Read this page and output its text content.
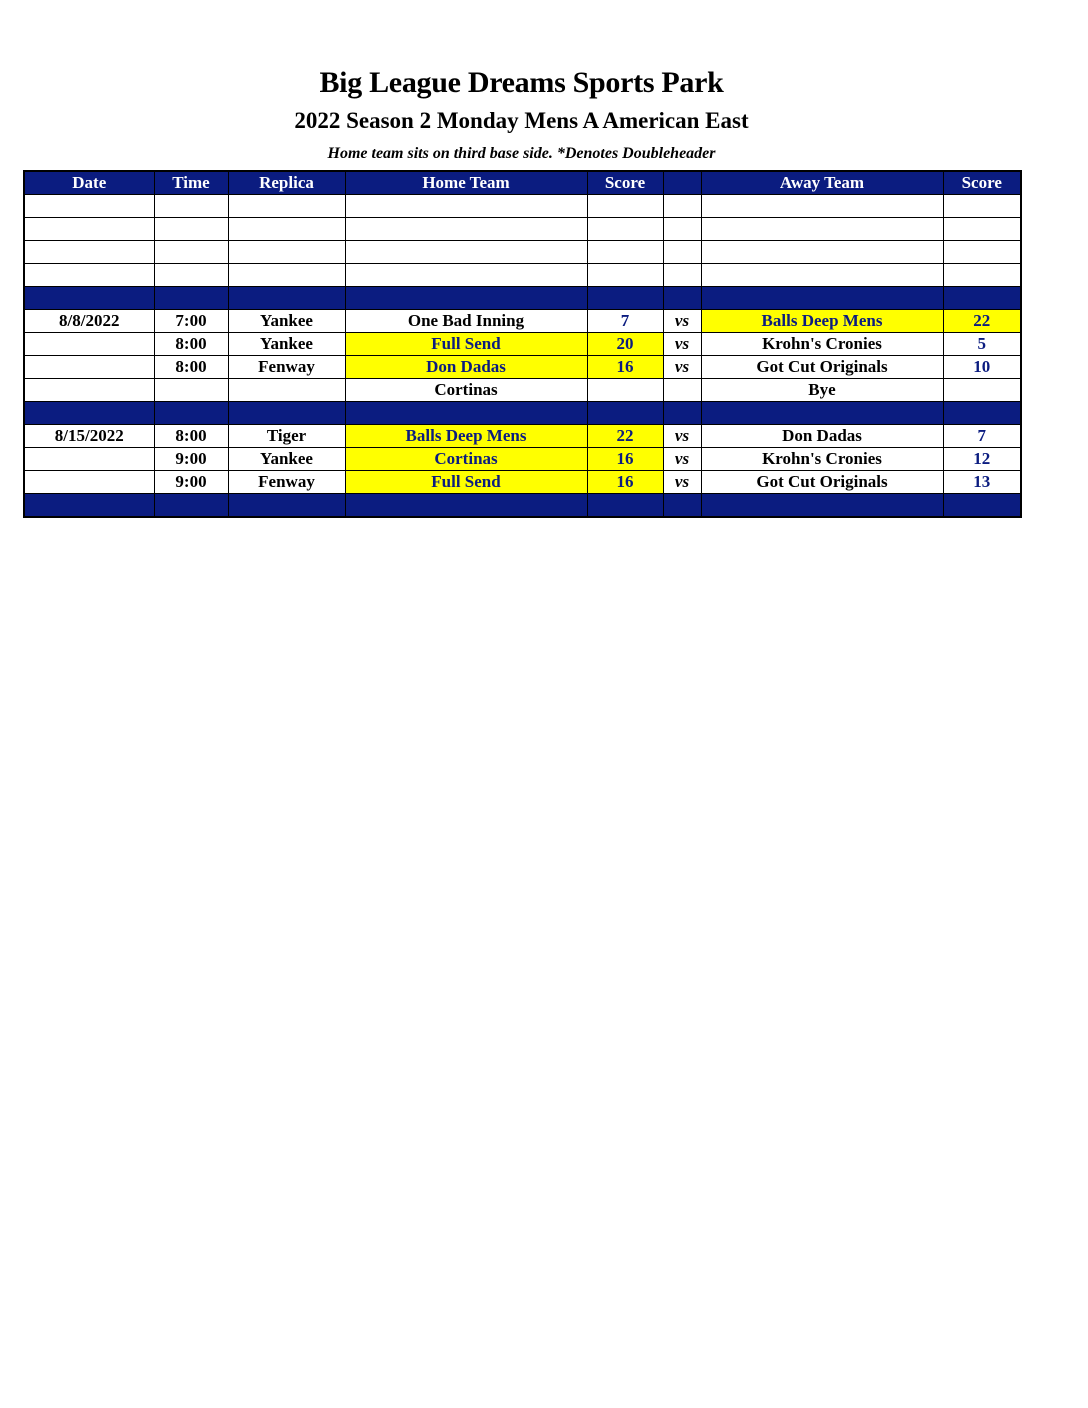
Big League Dreams Sports Park
2022 Season 2 Monday Mens A American East
Home team sits on third base side. *Denotes Doubleheader
Date	Time	Replica	Home Team	Score		Away Team	Score

8/8/2022	7:00	Yankee	One Bad Inning	7	vs	Balls Deep Mens	22
	8:00	Yankee	Full Send	20	vs	Krohn's Cronies	5
	8:00	Fenway	Don Dadas	16	vs	Got Cut Originals	10
			Cortinas			Bye	

8/15/2022	8:00	Tiger	Balls Deep Mens	22	vs	Don Dadas	7
	9:00	Yankee	Cortinas	16	vs	Krohn's Cronies	12
	9:00	Fenway	Full Send	16	vs	Got Cut Originals	13
